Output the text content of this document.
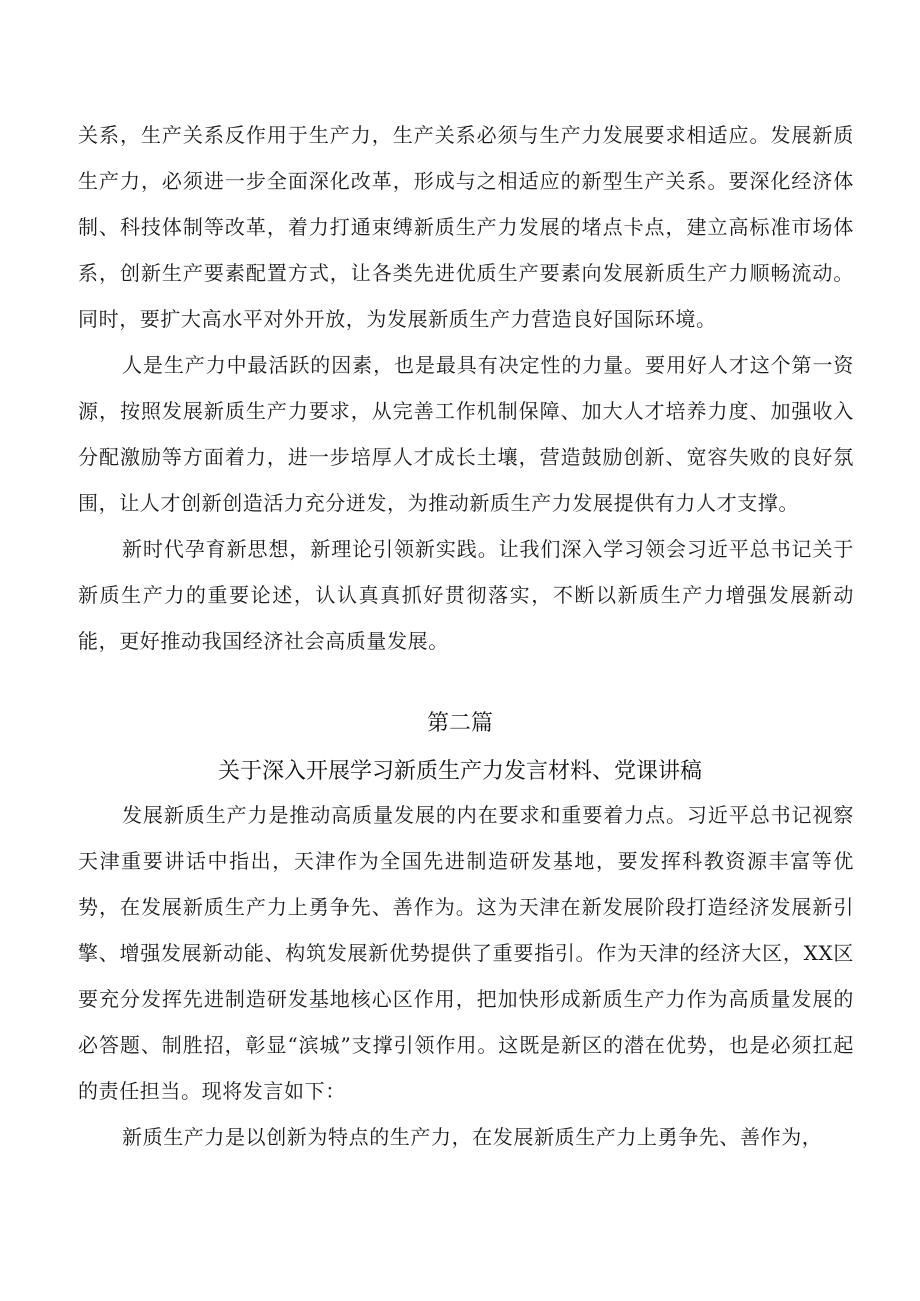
关系，生产关系反作用于生产力，生产关系必须与生产力发展要求相适应。发展新质生产力，必须进一步全面深化改革，形成与之相适应的新型生产关系。要深化经济体制、科技体制等改革，着力打通束缚新质生产力发展的堵点卡点，建立高标准市场体系，创新生产要素配置方式，让各类先进优质生产要素向发展新质生产力顺畅流动。同时，要扩大高水平对外开放，为发展新质生产力营造良好国际环境。

人是生产力中最活跃的因素，也是最具有决定性的力量。要用好人才这个第一资源，按照发展新质生产力要求，从完善工作机制保障、加大人才培养力度、加强收入分配激励等方面着力，进一步培厚人才成长土壤，营造鼓励创新、宽容失败的良好氛围，让人才创新创造活力充分迸发，为推动新质生产力发展提供有力人才支撑。

新时代孕育新思想，新理论引领新实践。让我们深入学习领会习近平总书记关于新质生产力的重要论述，认认真真抓好贯彻落实，不断以新质生产力增强发展新动能，更好推动我国经济社会高质量发展。

第二篇
关于深入开展学习新质生产力发言材料、党课讲稿

发展新质生产力是推动高质量发展的内在要求和重要着力点。习近平总书记视察天津重要讲话中指出，天津作为全国先进制造研发基地，要发挥科教资源丰富等优势，在发展新质生产力上勇争先、善作为。这为天津在新发展阶段打造经济发展新引擎、增强发展新动能、构筑发展新优势提供了重要指引。作为天津的经济大区，XX区要充分发挥先进制造研发基地核心区作用，把加快形成新质生产力作为高质量发展的必答题、制胜招，彰显“滨城”支撑引领作用。这既是新区的潜在优势，也是必须扛起的责任担当。现将发言如下：

新质生产力是以创新为特点的生产力，在发展新质生产力上勇争先、善作为，
